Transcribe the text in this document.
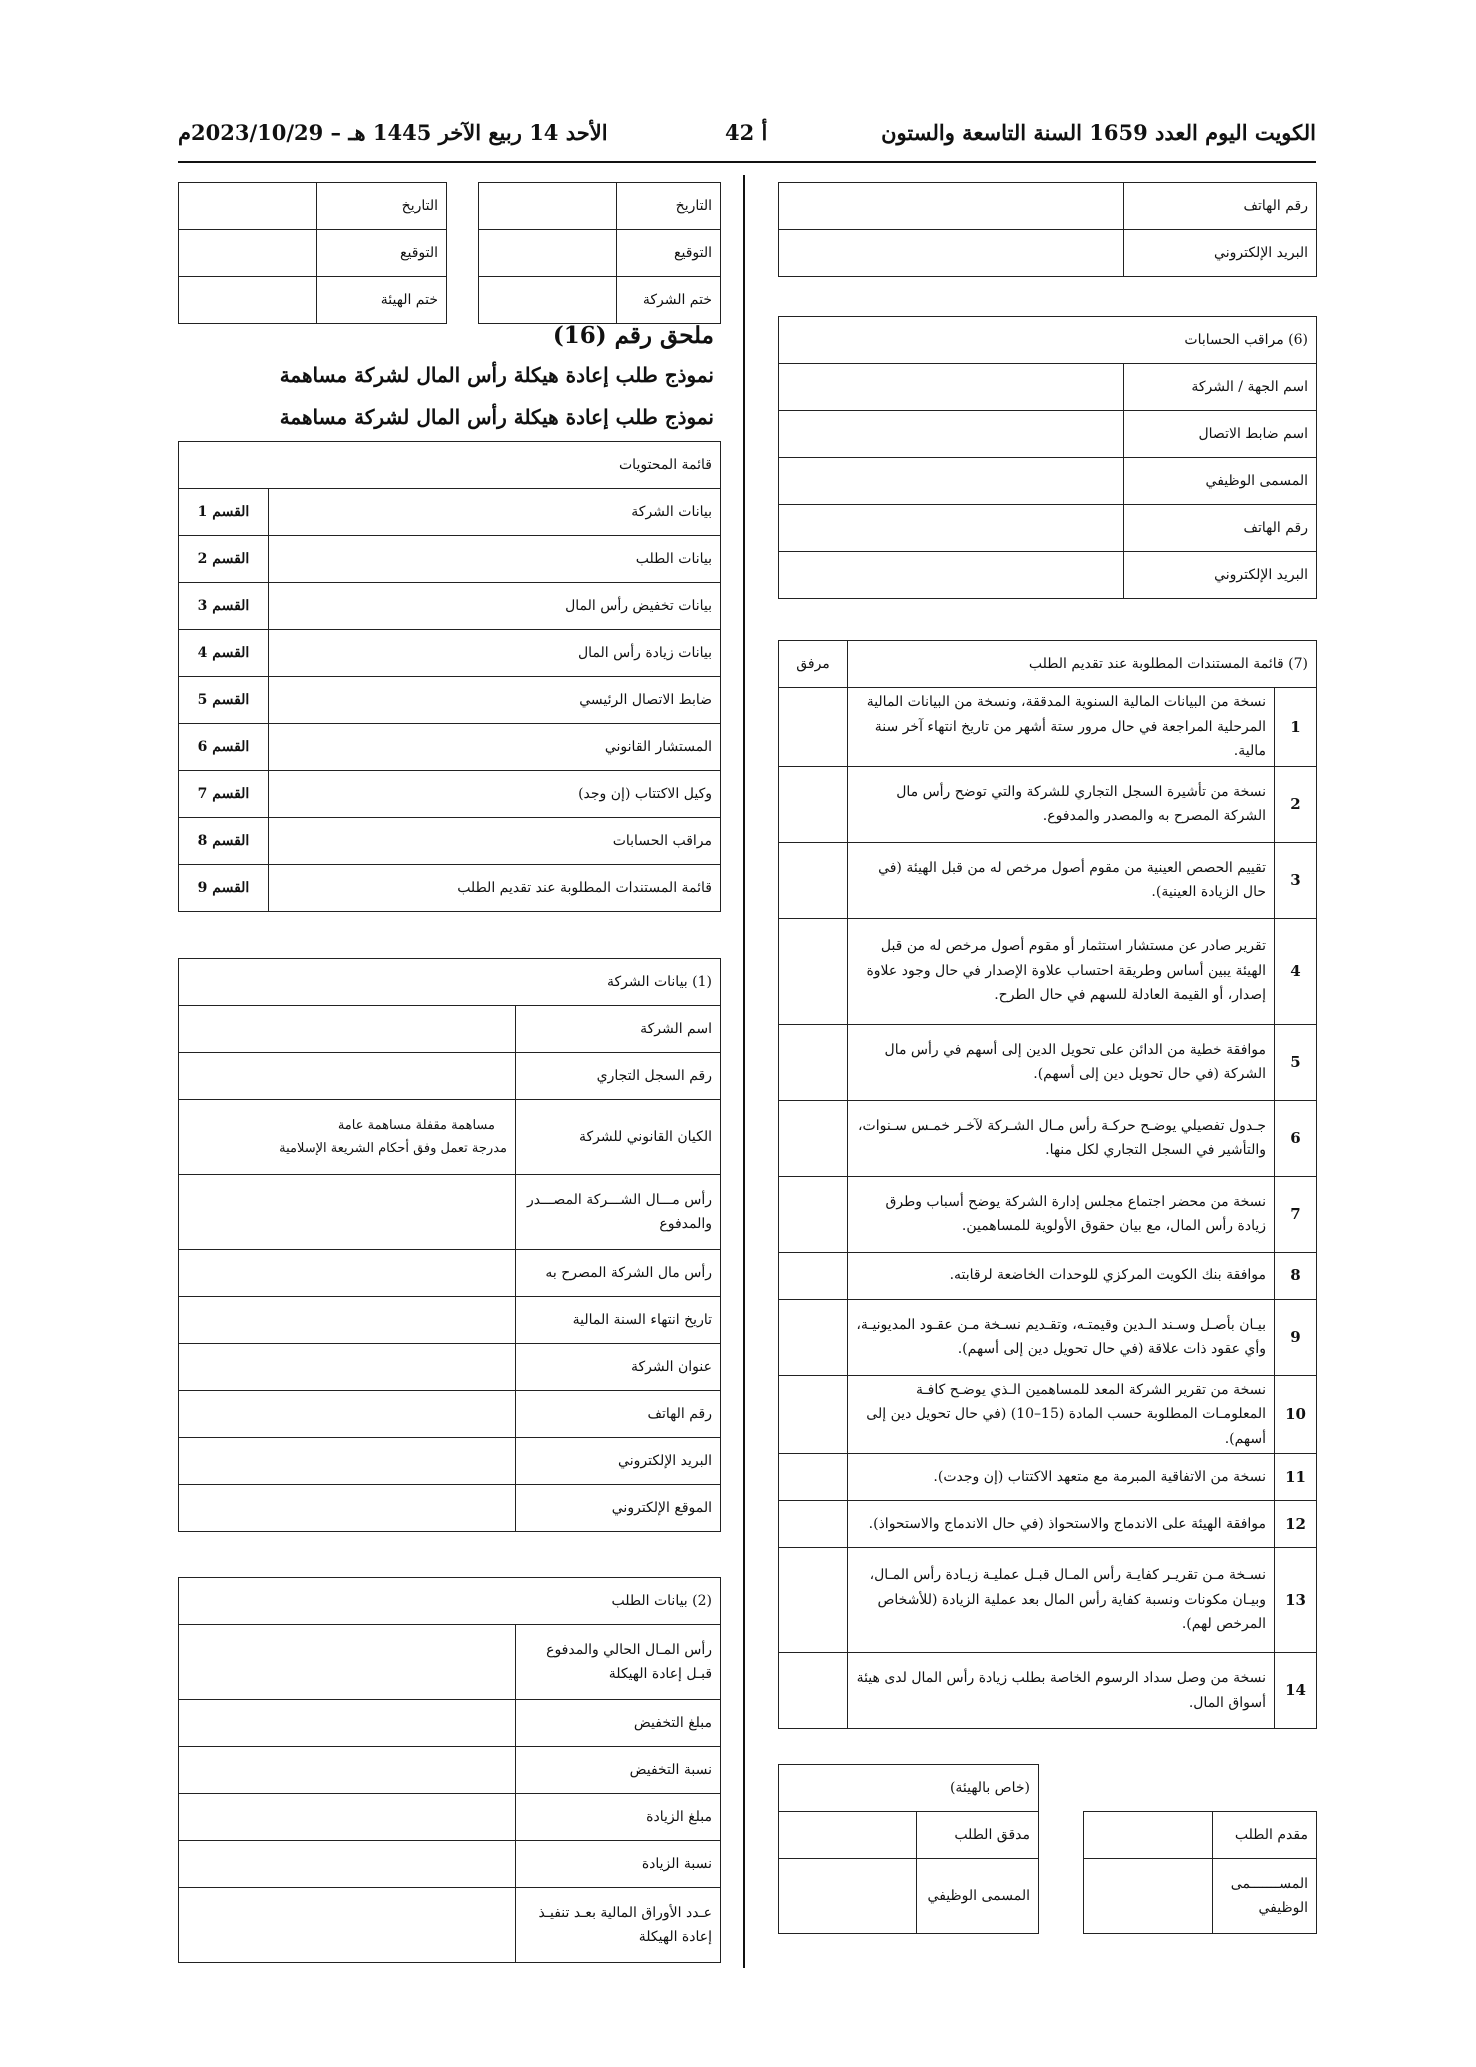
الكويت اليوم العدد 1659 السنة التاسعة والستون
أ 42
الأحد 14 ربيع الآخر 1445 هـ – 2023/10/29م
التاريخ	
التوقيع	
ختم الشركة	
التاريخ	
التوقيع	
ختم الهيئة	
ملحق رقم (16)
نموذج طلب إعادة هيكلة رأس المال لشركة مساهمة
نموذج طلب إعادة هيكلة رأس المال لشركة مساهمة
قائمة المحتويات	
بيانات الشركة	القسم 1
بيانات الطلب	القسم 2
بيانات تخفيض رأس المال	القسم 3
بيانات زيادة رأس المال	القسم 4
ضابط الاتصال الرئيسي	القسم 5
المستشار القانوني	القسم 6
وكيل الاكتتاب (إن وجد)	القسم 7
مراقب الحسابات	القسم 8
قائمة المستندات المطلوبة عند تقديم الطلب	القسم 9
(1) بيانات الشركة	
اسم الشركة	
رقم السجل التجاري	
الكيان القانوني للشركة	مساهمة مقفلة مساهمة عامة
مدرجة تعمل وفق أحكام الشريعة الإسلامية

رأس مـــال الشـــركة المصـــدر والمدفوع	
رأس مال الشركة المصرح به	
تاريخ انتهاء السنة المالية	
عنوان الشركة	
رقم الهاتف	
البريد الإلكتروني	
الموقع الإلكتروني	
(2) بيانات الطلب	
رأس المـال الحالي والمدفوع قبـل إعادة الهيكلة	
مبلغ التخفيض	
نسبة التخفيض	
مبلغ الزيادة	
نسبة الزيادة	
عـدد الأوراق المالية بعـد تنفيـذ إعادة الهيكلة	
رقم الهاتف	
البريد الإلكتروني	
(6) مراقب الحسابات	
اسم الجهة / الشركة	
اسم ضابط الاتصال	
المسمى الوظيفي	
رقم الهاتف	
البريد الإلكتروني	
(7) قائمة المستندات المطلوبة عند تقديم الطلب		مرفق
1	نسخة من البيانات المالية السنوية المدققة، ونسخة من البيانات المالية المرحلية المراجعة في حال مرور ستة أشهر من تاريخ انتهاء آخر سنة مالية.	
2	نسخة من تأشيرة السجل التجاري للشركة والتي توضح رأس مال الشركة المصرح به والمصدر والمدفوع.	
3	تقييم الحصص العينية من مقوم أصول مرخص له من قبل الهيئة (في حال الزيادة العينية).	
4	تقرير صادر عن مستشار استثمار أو مقوم أصول مرخص له من قبل الهيئة يبين أساس وطريقة احتساب علاوة الإصدار في حال وجود علاوة إصدار، أو القيمة العادلة للسهم في حال الطرح.	
5	موافقة خطية من الدائن على تحويل الدين إلى أسهم في رأس مال الشركة (في حال تحويل دين إلى أسهم).	
6	جـدول تفصيلي يوضـح حركـة رأس مـال الشـركة لآخـر خمـس سـنوات، والتأشير في السجل التجاري لكل منها.	
7	نسخة من محضر اجتماع مجلس إدارة الشركة يوضح أسباب وطرق زيادة رأس المال، مع بيان حقوق الأولوية للمساهمين.	
8	موافقة بنك الكويت المركزي للوحدات الخاضعة لرقابته.	
9	بيـان بأصـل وسـند الـدين وقيمتـه، وتقـديم نسـخة مـن عقـود المديونيـة، وأي عقود ذات علاقة (في حال تحويل دين إلى أسهم).	
10	نسخة من تقرير الشركة المعد للمساهمين الـذي يوضـح كافـة المعلومـات المطلوبة حسب المادة (15–10) (في حال تحويل دين إلى أسهم).	
11	نسخة من الاتفاقية المبرمة مع متعهد الاكتتاب (إن وجدت).	
12	موافقة الهيئة على الاندماج والاستحواذ (في حال الاندماج والاستحواذ).	
13	نسـخة مـن تقريـر كفايـة رأس المـال قبـل عمليـة زيـادة رأس المـال، وبيـان مكونات ونسبة كفاية رأس المال بعد عملية الزيادة (للأشخاص المرخص لهم).	
14	نسخة من وصل سداد الرسوم الخاصة بطلب زيادة رأس المال لدى هيئة أسواق المال.	
مقدم الطلب	
المســـــــمى الوظيفي	
(خاص بالهيئة)	
مدقق الطلب	
المسمى الوظيفي	
